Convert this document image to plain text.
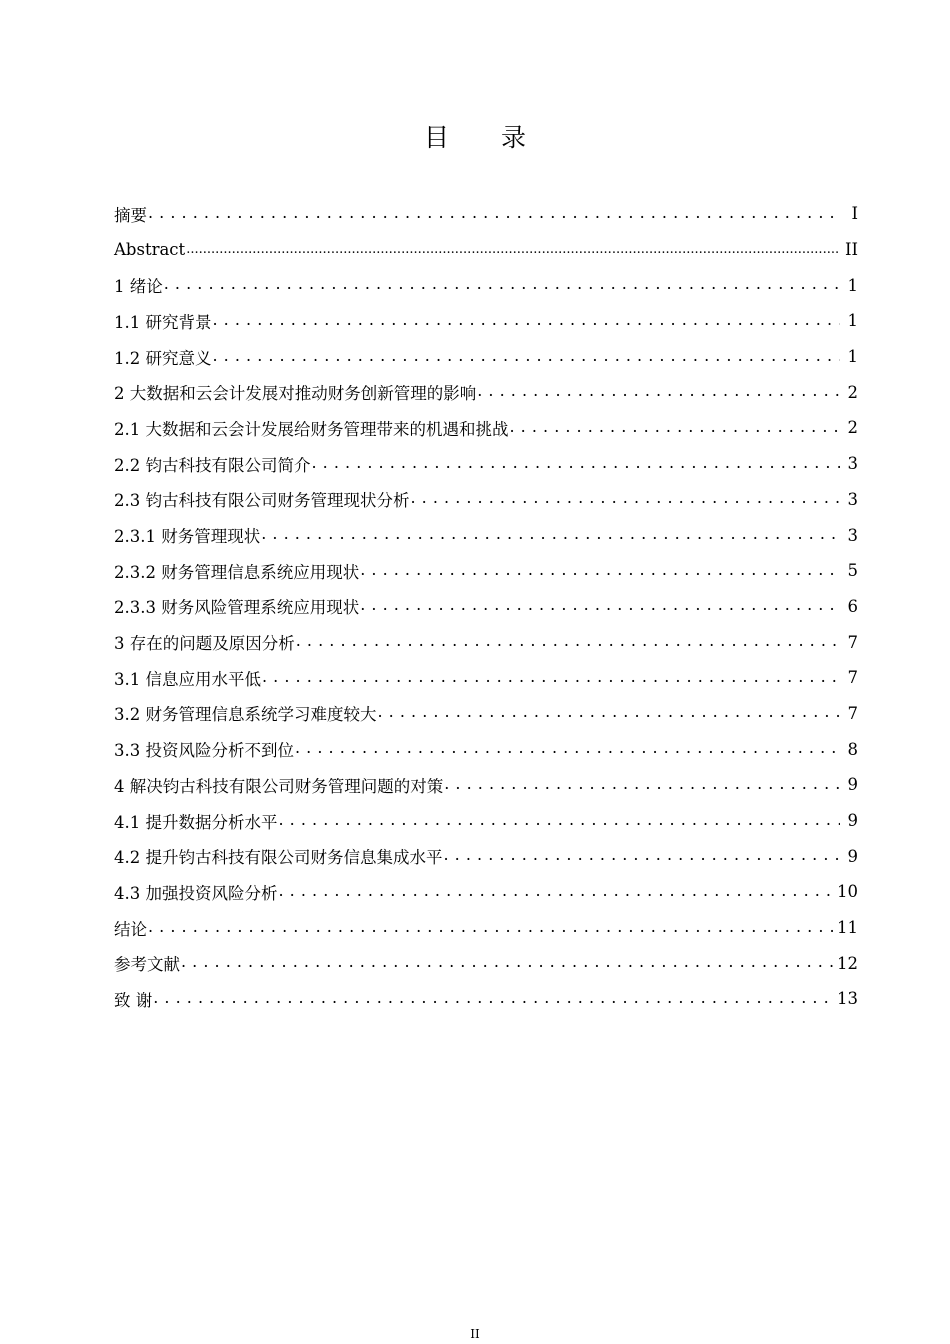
目 录
摘要 . . .	I
Abstract .....	II
1 绪论 . . .	1
1.1 研究背景 . . .	1
1.2 研究意义 . . .	1
2 大数据和云会计发展对推动财务创新管理的影响 . . .	2
2.1 大数据和云会计发展给财务管理带来的机遇和挑战 . . .	2
2.2 钧古科技有限公司简介 . . .	3
2.3 钧古科技有限公司财务管理现状分析 . . .	3
2.3.1 财务管理现状 . . .	3
2.3.2 财务管理信息系统应用现状 . . .	5
2.3.3 财务风险管理系统应用现状 . . .	6
3 存在的问题及原因分析 . . .	7
3.1 信息应用水平低 . . .	7
3.2 财务管理信息系统学习难度较大 . . .	7
3.3 投资风险分析不到位 . . .	8
4 解决钧古科技有限公司财务管理问题的对策 . . .	9
4.1 提升数据分析水平 . . .	9
4.2 提升钧古科技有限公司财务信息集成水平 . . .	9
4.3 加强投资风险分析 . . .	10
结论 . . .	11
参考文献 . . .	12
致 谢 . . .	13
II
